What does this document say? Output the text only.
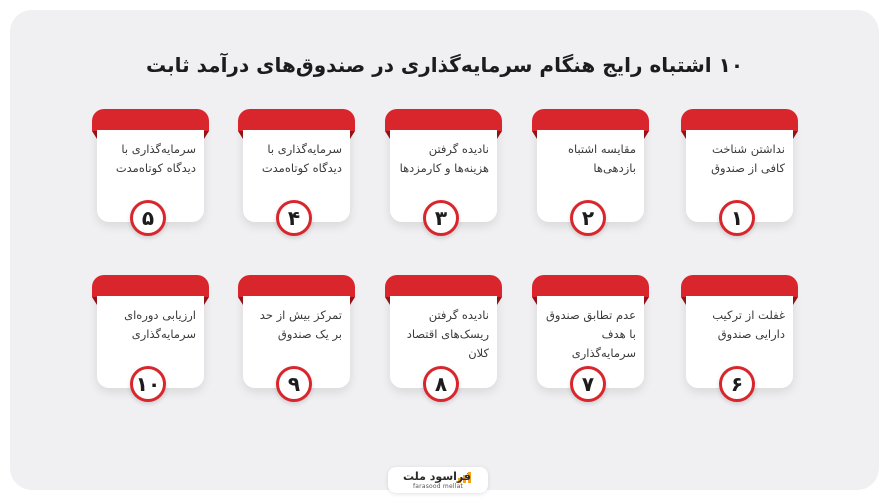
۱۰ اشتباه رایج هنگام سرمایه‌گذاری در صندوق‌های درآمد ثابت
نداشتن شناخت کافی از صندوق
۱
مقایسه اشتباه بازدهی‌ها
۲
نادیده گرفتن هزینه‌ها و کارمزدها
۳
سرمایه‌گذاری با دیدگاه کوتاه‌مدت
۴
سرمایه‌گذاری با دیدگاه کوتاه‌مدت
۵
غفلت از ترکیب دارایی صندوق
۶
عدم تطابق صندوق با هدف سرمایه‌گذاری
۷
نادیده گرفتن ریسک‌های اقتصاد کلان
۸
تمرکز بیش از حد بر یک صندوق
۹
ارزیابی دوره‌ای سرمایه‌گذاری
۱۰
فراسود ملت
farasood mellat
